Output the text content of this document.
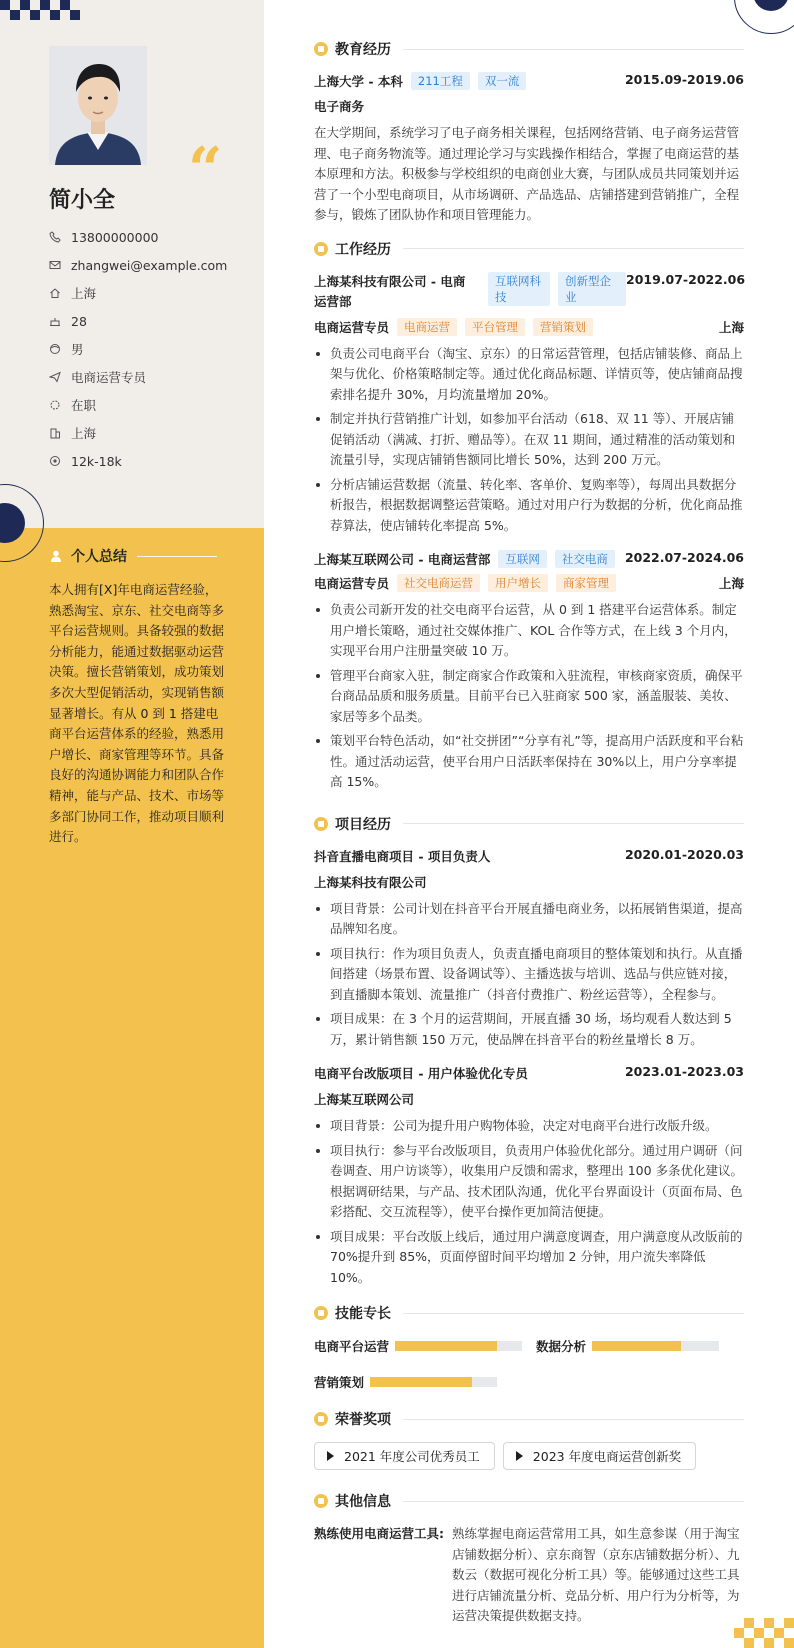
“
简小全
13800000000
zhangwei@example.com
上海
28
男
电商运营专员
在职
上海
12k-18k
个人总结
本人拥有[X]年电商运营经验，熟悉淘宝、京东、社交电商等多平台运营规则。具备较强的数据分析能力，能通过数据驱动运营决策。擅长营销策划，成功策划多次大型促销活动，实现销售额显著增长。有从 0 到 1 搭建电商平台运营体系的经验，熟悉用户增长、商家管理等环节。具备良好的沟通协调能力和团队合作精神，能与产品、技术、市场等多部门协同工作，推动项目顺利进行。
教育经历
上海大学 - 本科	211工程	双一流	2015.09-2019.06
电子商务
在大学期间，系统学习了电子商务相关课程，包括网络营销、电子商务运营管理、电子商务物流等。通过理论学习与实践操作相结合，掌握了电商运营的基本原理和方法。积极参与学校组织的电商创业大赛，与团队成员共同策划并运营了一个小型电商项目，从市场调研、产品选品、店铺搭建到营销推广，全程参与，锻炼了团队协作和项目管理能力。
工作经历
上海某科技有限公司 - 电商运营部
互联网科技
创新型企业
2019.07-2022.06
电商运营专员	电商运营	平台管理	营销策划	上海
负责公司电商平台（淘宝、京东）的日常运营管理，包括店铺装修、商品上架与优化、价格策略制定等。通过优化商品标题、详情页等，使店铺商品搜索排名提升 30%，月均流量增加 20%。
制定并执行营销推广计划，如参加平台活动（618、双 11 等）、开展店铺促销活动（满减、打折、赠品等）。在双 11 期间，通过精准的活动策划和流量引导，实现店铺销售额同比增长 50%，达到 200 万元。
分析店铺运营数据（流量、转化率、客单价、复购率等），每周出具数据分析报告，根据数据调整运营策略。通过对用户行为数据的分析，优化商品推荐算法，使店铺转化率提高 5%。
上海某互联网公司 - 电商运营部	互联网	社交电商	2022.07-2024.06
电商运营专员	社交电商运营	用户增长	商家管理	上海
负责公司新开发的社交电商平台运营，从 0 到 1 搭建平台运营体系。制定用户增长策略，通过社交媒体推广、KOL 合作等方式，在上线 3 个月内，实现平台用户注册量突破 10 万。
管理平台商家入驻，制定商家合作政策和入驻流程，审核商家资质，确保平台商品品质和服务质量。目前平台已入驻商家 500 家，涵盖服装、美妆、家居等多个品类。
策划平台特色活动，如“社交拼团”“分享有礼”等，提高用户活跃度和平台粘性。通过活动运营，使平台用户日活跃率保持在 30%以上，用户分享率提高 15%。
项目经历
抖音直播电商项目 - 项目负责人	2020.01-2020.03
上海某科技有限公司
项目背景：公司计划在抖音平台开展直播电商业务，以拓展销售渠道，提高品牌知名度。
项目执行：作为项目负责人，负责直播电商项目的整体策划和执行。从直播间搭建（场景布置、设备调试等）、主播选拔与培训、选品与供应链对接，到直播脚本策划、流量推广（抖音付费推广、粉丝运营等），全程参与。
项目成果：在 3 个月的运营期间，开展直播 30 场，场均观看人数达到 5 万，累计销售额 150 万元，使品牌在抖音平台的粉丝量增长 8 万。
电商平台改版项目 - 用户体验优化专员	2023.01-2023.03
上海某互联网公司
项目背景：公司为提升用户购物体验，决定对电商平台进行改版升级。
项目执行：参与平台改版项目，负责用户体验优化部分。通过用户调研（问卷调查、用户访谈等），收集用户反馈和需求，整理出 100 多条优化建议。根据调研结果，与产品、技术团队沟通，优化平台界面设计（页面布局、色彩搭配、交互流程等），使平台操作更加简洁便捷。
项目成果：平台改版上线后，通过用户满意度调查，用户满意度从改版前的 70%提升到 85%，页面停留时间平均增加 2 分钟，用户流失率降低 10%。
技能专长
电商平台运营	数据分析
营销策划
荣誉奖项
2021 年度公司优秀员工	2023 年度电商运营创新奖
其他信息
熟练使用电商运营工具: 熟练掌握电商运营常用工具，如生意参谋（用于淘宝店铺数据分析）、京东商智（京东店铺数据分析）、九数云（数据可视化分析工具）等。能够通过这些工具进行店铺流量分析、竞品分析、用户行为分析等，为运营决策提供数据支持。
